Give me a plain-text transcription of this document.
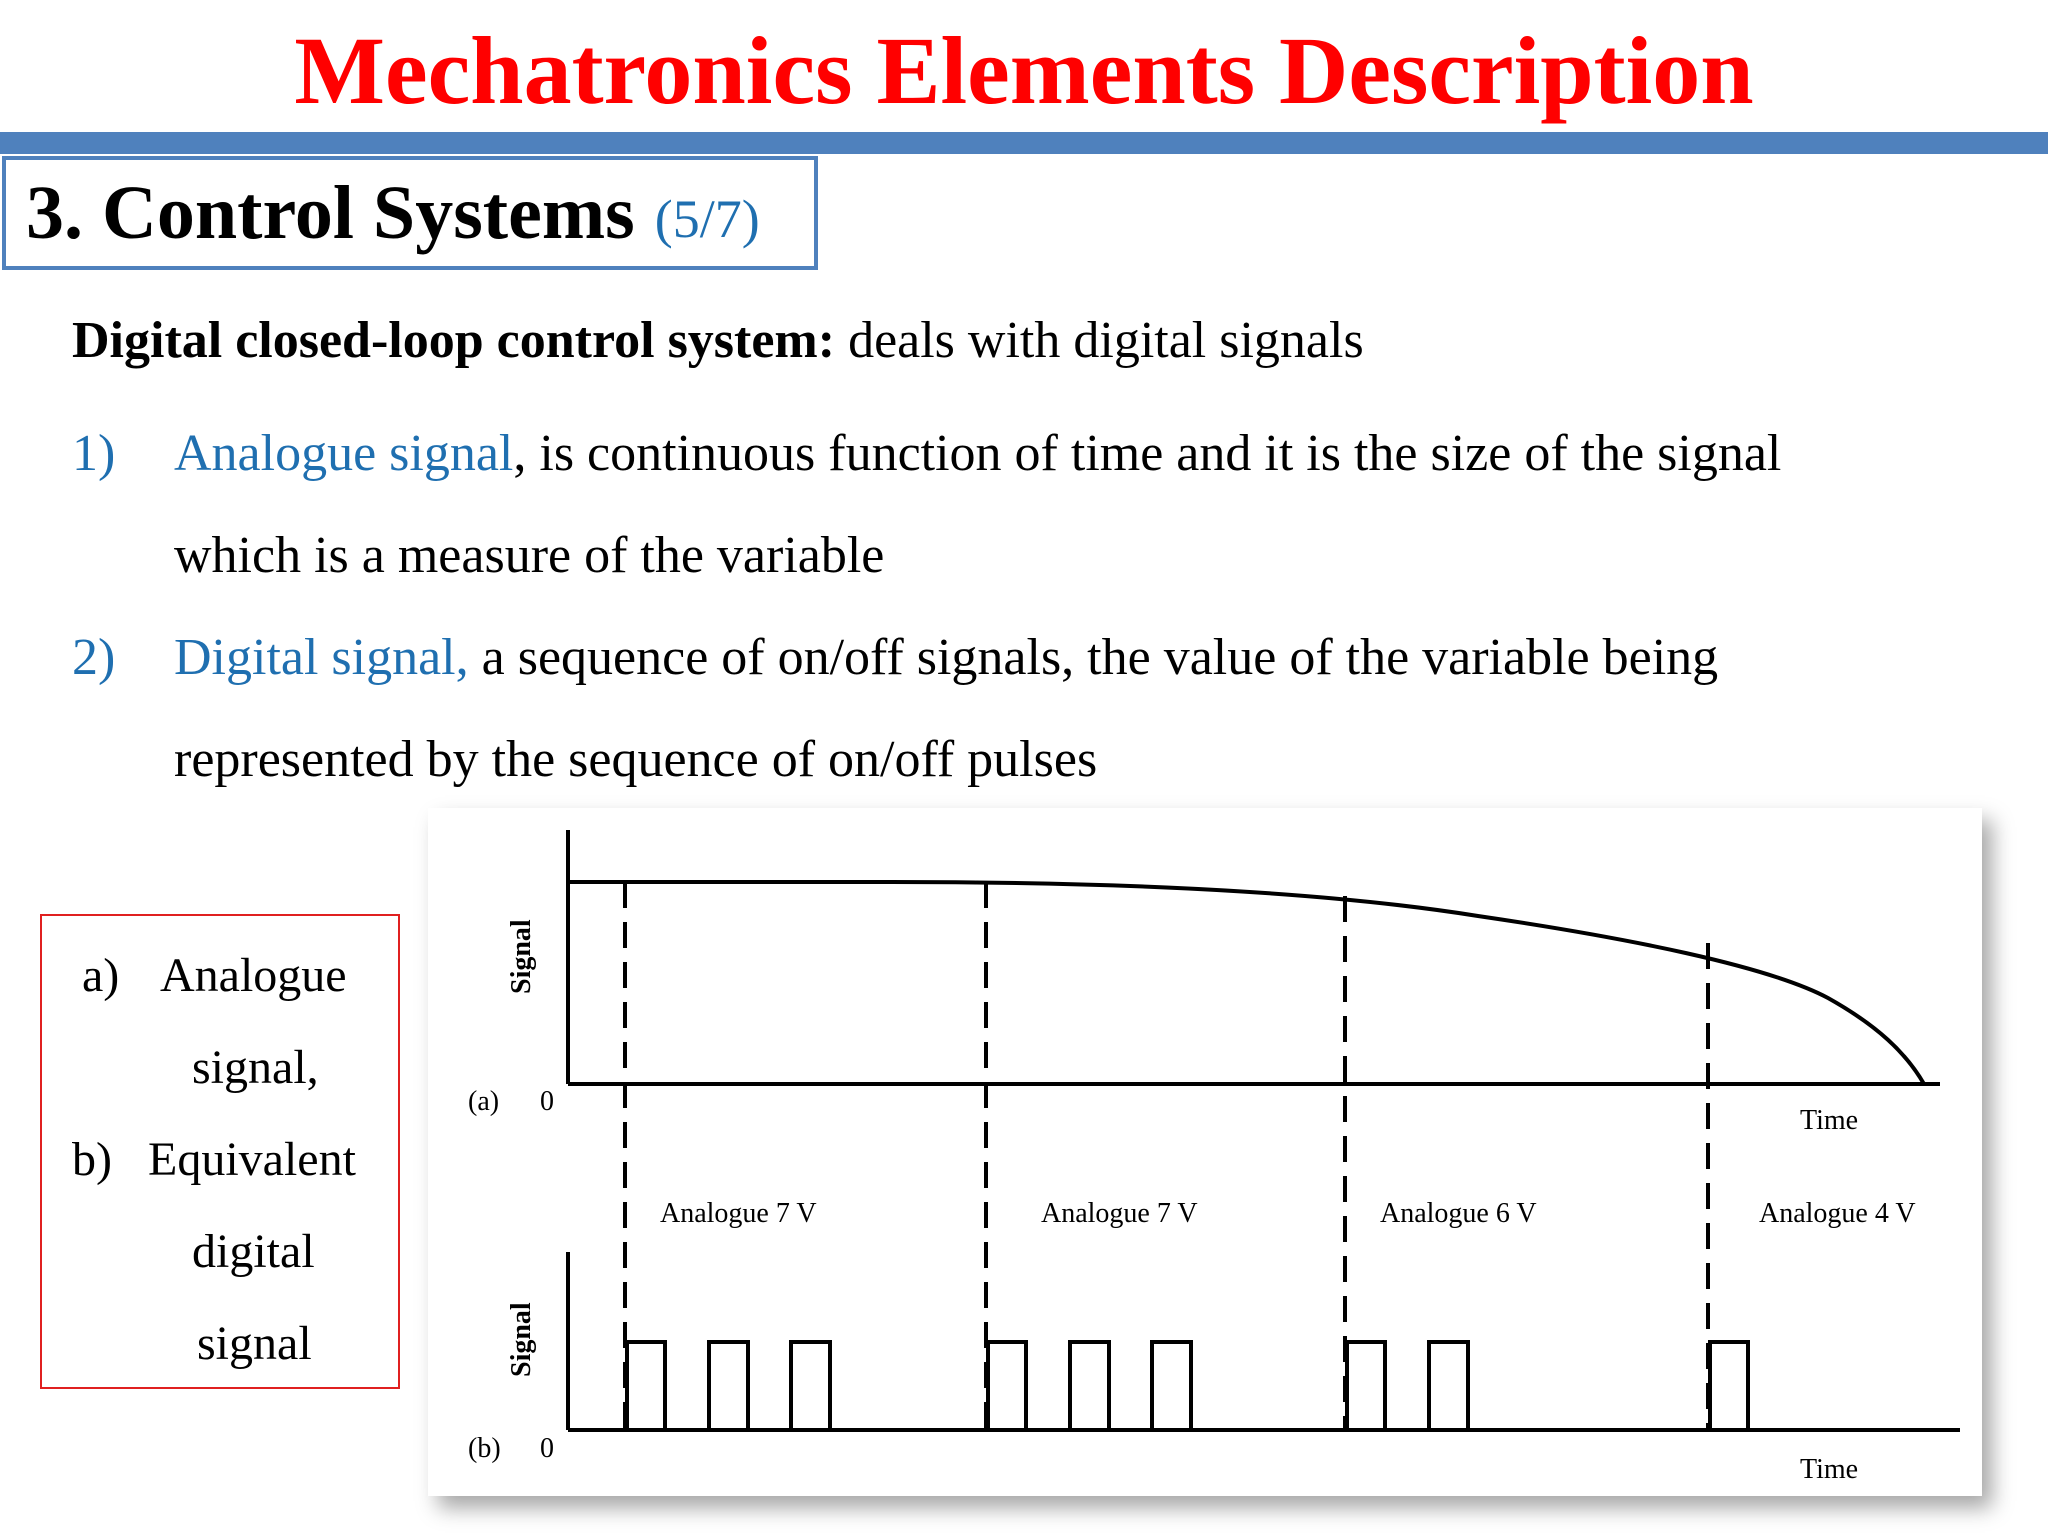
Mechatronics Elements Description
3. Control Systems (5/7)
Digital closed-loop control system: deals with digital signals
1) Analogue signal, is continuous function of time and it is the size of the signal
which is a measure of the variable
2) Digital signal, a sequence of on/off signals, the value of the variable being
represented by the sequence of on/off pulses
a) Analogue
signal,
b) Equivalent
digital
signal
(a) 0
Signal
Time
(b) 0
Signal
Time
Analogue 7 V	Analogue 7 V	Analogue 6 V	Analogue 4 V
